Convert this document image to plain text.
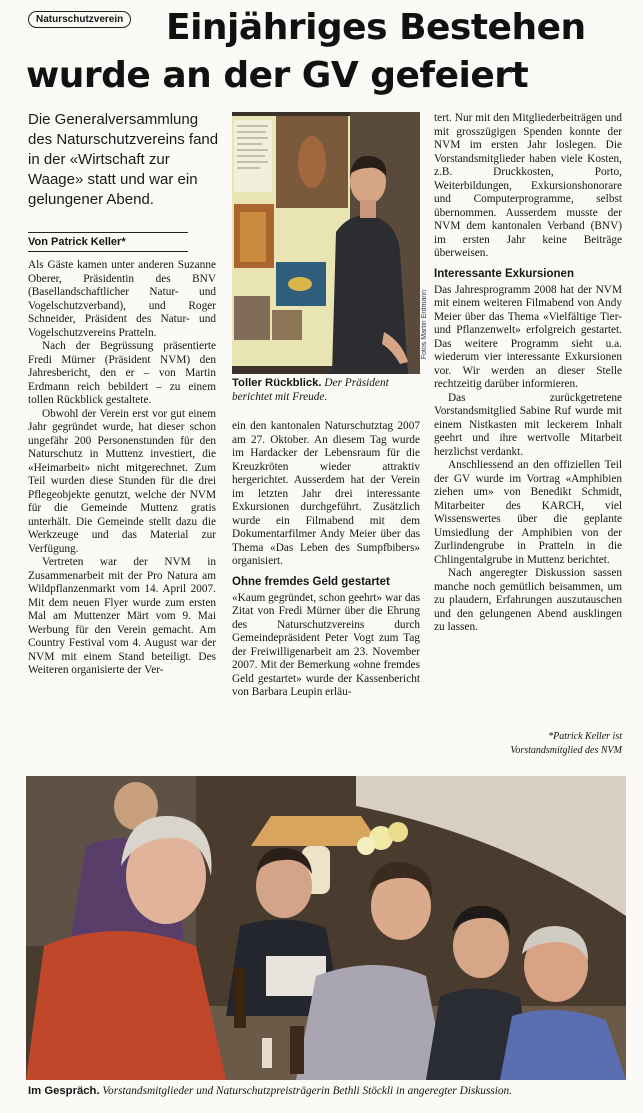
Einjähriges Bestehen
wurde an der GV gefeiert
Naturschutzverein
Die Generalversammlung des Naturschutzvereins fand in der «Wirtschaft zur Waage» statt und war ein gelungener Abend.
Von Patrick Keller*

Als Gäste kamen unter anderen Suzanne Oberer, Präsidentin des BNV (Basellandschaftlicher Natur- und Vogelschutzverband), und Roger Schneider, Präsident des Natur- und Vogelschutzvereins Pratteln.

Nach der Begrüssung präsentierte Fredi Mürner (Präsident NVM) den Jahresbericht, den er – von Martin Erdmann reich bebildert – zu einem tollen Rückblick gestaltete.

Obwohl der Verein erst vor gut einem Jahr gegründet wurde, hat dieser schon ungefähr 200 Personenstunden für den Naturschutz in Muttenz investiert, die «Heimarbeit» nicht mitgerechnet. Zum Teil wurden diese Stunden für die drei Pflegeobjekte genutzt, welche der NVM für die Gemeinde Muttenz gratis unterhält. Die Gemeinde stellt dazu die Werkzeuge und das Material zur Verfügung.

Vertreten war der NVM in Zusammenarbeit mit der Pro Natura am Wildpflanzenmarkt vom 14. April 2007. Mit dem neuen Flyer wurde zum ersten Mal am Muttenzer Märt vom 9. Mai Werbung für den Verein gemacht. Am Country Festival vom 4. August war der NVM mit einem Stand beteiligt. Des Weiteren organisierte der Ver-

Fotos Martin Erdmann
Toller Rückblick. Der Präsident berichtet mit Freude.

ein den kantonalen Naturschutztag 2007 am 27. Oktober. An diesem Tag wurde im Hardacker der Lebensraum für die Kreuzkröten wieder attraktiv hergerichtet. Ausserdem hat der Verein im letzten Jahr drei interessante Exkursionen durchgeführt. Zusätzlich wurde ein Filmabend mit dem Dokumentarfilmer Andy Meier über das Thema «Das Leben des Sumpfbibers» organisiert.

Ohne fremdes Geld gestartet

«Kaum gegründet, schon geehrt» war das Zitat von Fredi Mürner über die Ehrung des Naturschutzvereins durch Gemeindepräsident Peter Vogt zum Tag der Freiwilligenarbeit am 23. November 2007. Mit der Bemerkung «ohne fremdes Geld gestartet» wurde der Kassenbericht von Barbara Leupin erläu-

tert. Nur mit den Mitgliederbeiträgen und mit grosszügigen Spenden konnte der NVM im ersten Jahr loslegen. Die Vorstandsmitglieder haben viele Kosten, z.B. Druckkosten, Porto, Weiterbildungen, Exkursionshonorare und Computerprogramme, selbst übernommen. Ausserdem musste der NVM dem kantonalen Verband (BNV) im ersten Jahr keine Beiträge überweisen.

Interessante Exkursionen

Das Jahresprogramm 2008 hat der NVM mit einem weiteren Filmabend von Andy Meier über das Thema «Vielfältige Tier- und Pflanzenwelt» erfolgreich gestartet. Das weitere Programm sieht u.a. wiederum vier interessante Exkursionen vor. Wir werden an dieser Stelle rechtzeitig darüber informieren.

Das zurückgetretene Vorstandsmitglied Sabine Ruf wurde mit einem Nistkasten mit leckerem Inhalt geehrt und ihre wertvolle Mitarbeit herzlichst verdankt.

Anschliessend an den offiziellen Teil der GV wurde im Vortrag «Amphibien ziehen um» von Benedikt Schmidt, Mitarbeiter des KARCH, viel Wissenswertes über die geplante Umsiedlung der Amphibien von der Zurlindengrube in Pratteln in die Chlingentalgrube in Muttenz berichtet.

Nach angeregter Diskussion sassen manche noch gemütlich beisammen, um zu plaudern, Erfahrungen auszutauschen und den gelungenen Abend ausklingen zu lassen.

*Patrick Keller ist
Vorstandsmitglied des NVM
Im Gespräch. Vorstandsmitglieder und Naturschutzpreisträgerin Bethli Stöckli in angeregter Diskussion.
